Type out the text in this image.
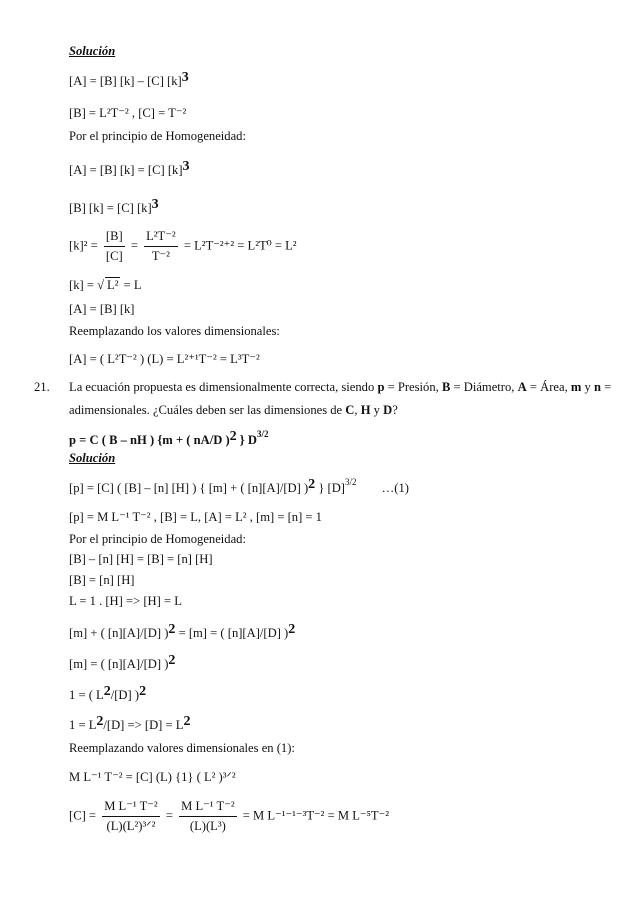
Solución
[A] = [B] [k] – [C] [k]3
[B] = L²T⁻² , [C] = T⁻²
Por el principio de Homogeneidad:
[A] = [B] [k] = [C] [k]3
[B] [k] = [C] [k]3
$[k]^2 = \frac{[B]}{[C]} = \frac{\text{L²T⁻²}}{\text{T⁻²}} = L^2T^{-2+2} = L^2T^0 = L^2$
[k] = √ L² = L
[A] = [B] [k]
Reemplazando los valores dimensionales:
[A] = ( L²T⁻² ) (L) = L²⁺¹T⁻² = L³T⁻²
21. La ecuación propuesta es dimensionalmente correcta, siendo p = Presión, B = Diámetro, A = Área, m y n =
adimensionales. ¿Cuáles deben ser las dimensiones de C, H y D?
p = C ( B – nH ) {m + ( nA/D )2 } $D^{3/2}$
Solución
[p] = [C] ( [B] – [n] [H] ) { [m] + ( [n][A]/[D] )2 } $[D]^{3/2}$ …(1)
[p] = M L⁻¹ T⁻² , [B] = L, [A] = L² , [m] = [n] = 1
Por el principio de Homogeneidad:
[B] – [n] [H] = [B] = [n] [H]
[B] = [n] [H]
L = 1 . [H] => [H] = L
[m] + ( [n][A]/[D] )2 = [m] = ( [n][A]/[D] )2
[m] = ( [n][A]/[D] )2
1 = ( L2/[D] )2
1 = L2/[D] => [D] = L2
Reemplazando valores dimensionales en (1):
M L⁻¹ T⁻² = [C] (L) {1} ( L² )³ᐟ²
$[C] = \frac{\text{M L⁻¹ T⁻²}}{\text{(L)(L²)³ᐟ²}} = \frac{\text{M L⁻¹ T⁻²}}{\text{(L)(L³)}} = M$ L⁻¹⁻¹⁻³T⁻² = M L⁻⁵T⁻²
